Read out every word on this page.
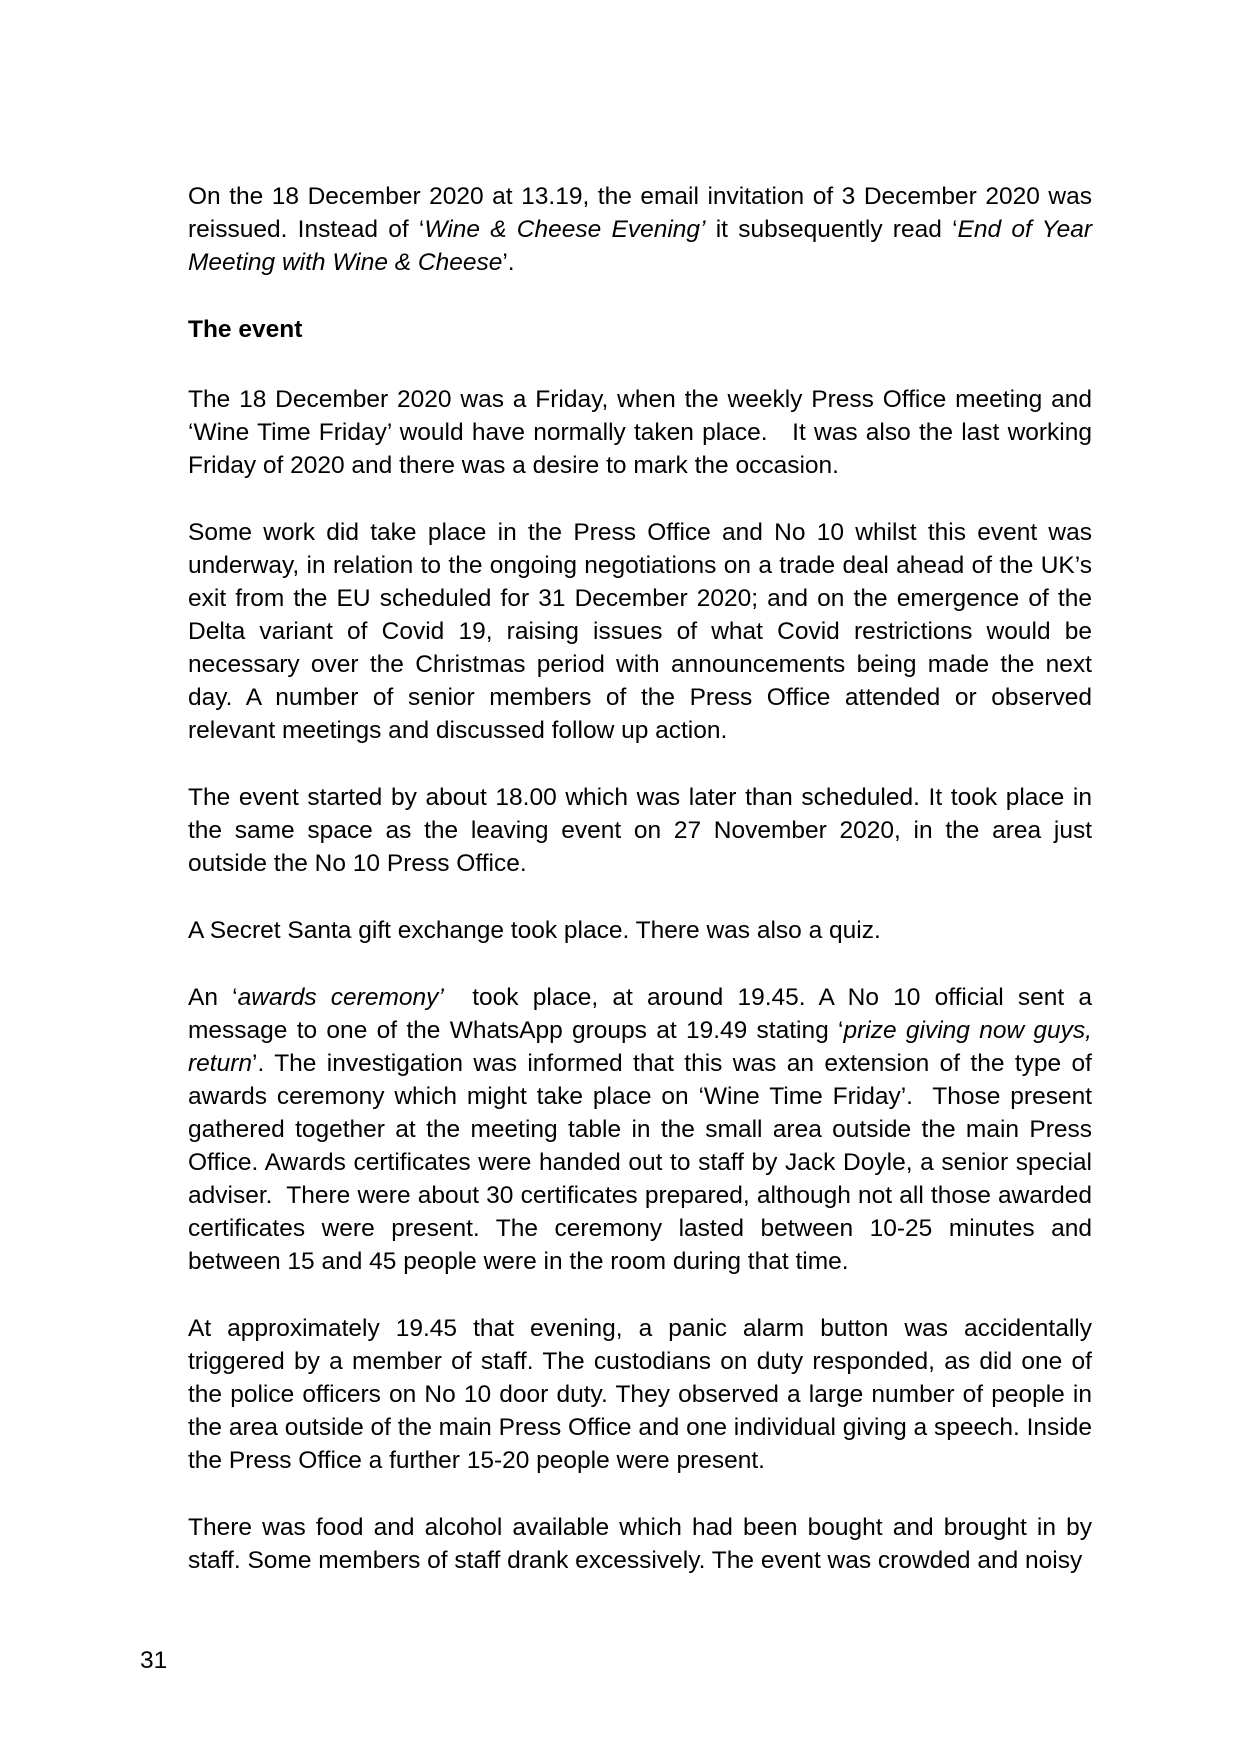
On the 18 December 2020 at 13.19, the email invitation of 3 December 2020 was reissued. Instead of ‘Wine & Cheese Evening’ it subsequently read ‘End of Year Meeting with Wine & Cheese’.

The event

The 18 December 2020 was a Friday, when the weekly Press Office meeting and ‘Wine Time Friday’ would have normally taken place.   It was also the last working Friday of 2020 and there was a desire to mark the occasion.

Some work did take place in the Press Office and No 10 whilst this event was underway, in relation to the ongoing negotiations on a trade deal ahead of the UK’s exit from the EU scheduled for 31 December 2020; and on the emergence of the Delta variant of Covid 19, raising issues of what Covid restrictions would be necessary over the Christmas period with announcements being made the next day. A number of senior members of the Press Office attended or observed relevant meetings and discussed follow up action.

The event started by about 18.00 which was later than scheduled. It took place in the same space as the leaving event on 27 November 2020, in the area just outside the No 10 Press Office.

A Secret Santa gift exchange took place. There was also a quiz.

An ‘awards ceremony’  took place, at around 19.45. A No 10 official sent a message to one of the WhatsApp groups at 19.49 stating ‘prize giving now guys, return’. The investigation was informed that this was an extension of the type of awards ceremony which might take place on ‘Wine Time Friday’.  Those present gathered together at the meeting table in the small area outside the main Press Office. Awards certificates were handed out to staff by Jack Doyle, a senior special adviser.  There were about 30 certificates prepared, although not all those awarded certificates were present. The ceremony lasted between 10-25 minutes and between 15 and 45 people were in the room during that time.

At approximately 19.45 that evening, a panic alarm button was accidentally triggered by a member of staff. The custodians on duty responded, as did one of the police officers on No 10 door duty. They observed a large number of people in the area outside of the main Press Office and one individual giving a speech. Inside the Press Office a further 15-20 people were present.

There was food and alcohol available which had been bought and brought in by staff. Some members of staff drank excessively. The event was crowded and noisy

31
